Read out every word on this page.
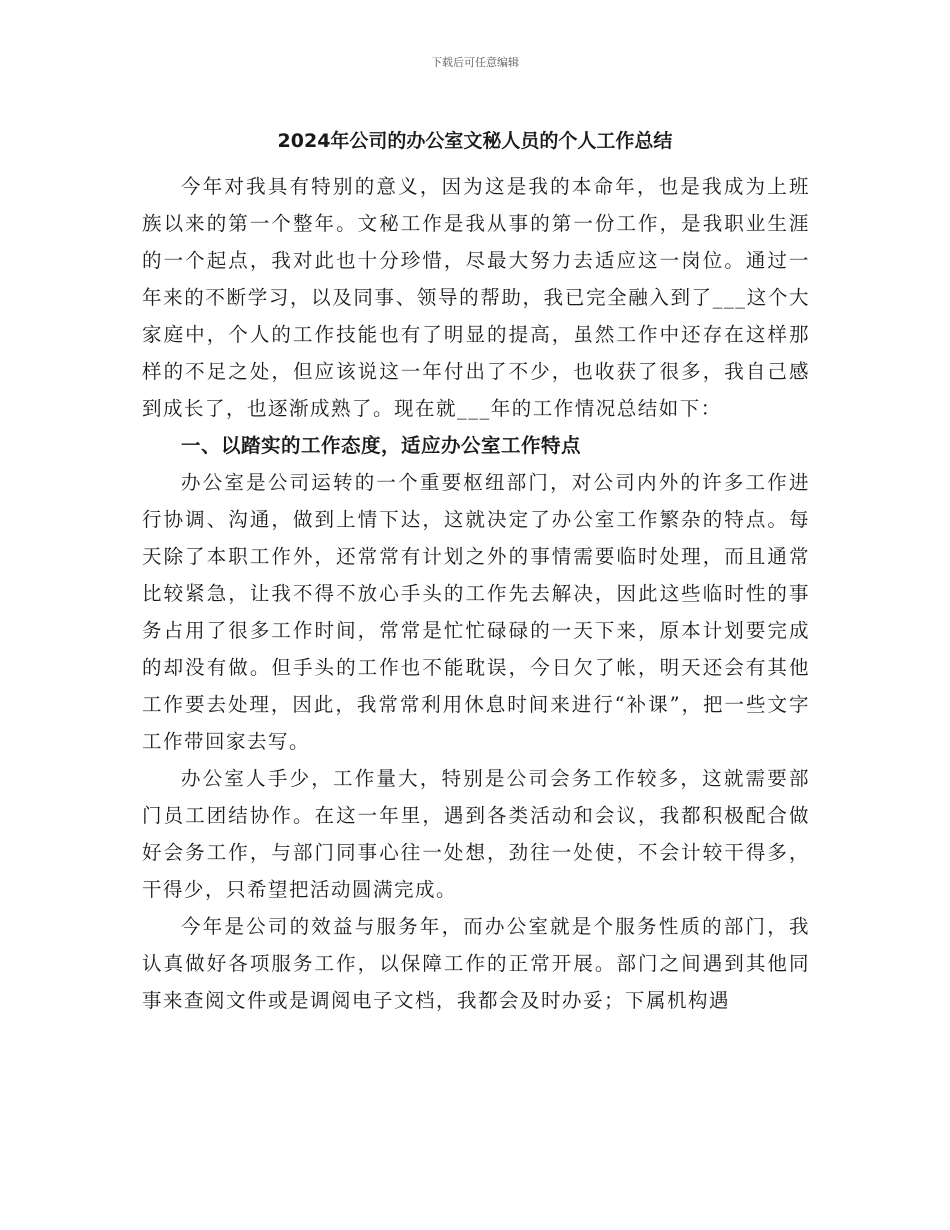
下载后可任意编辑
2024年公司的办公室文秘人员的个人工作总结

今年对我具有特别的意义，因为这是我的本命年，也是我成为上班族以来的第一个整年。文秘工作是我从事的第一份工作，是我职业生涯的一个起点，我对此也十分珍惜，尽最大努力去适应这一岗位。通过一年来的不断学习，以及同事、领导的帮助，我已完全融入到了___这个大家庭中，个人的工作技能也有了明显的提高，虽然工作中还存在这样那样的不足之处，但应该说这一年付出了不少，也收获了很多，我自己感到成长了，也逐渐成熟了。现在就___年的工作情况总结如下：

一、以踏实的工作态度，适应办公室工作特点

办公室是公司运转的一个重要枢纽部门，对公司内外的许多工作进行协调、沟通，做到上情下达，这就决定了办公室工作繁杂的特点。每天除了本职工作外，还常常有计划之外的事情需要临时处理，而且通常比较紧急，让我不得不放心手头的工作先去解决，因此这些临时性的事务占用了很多工作时间，常常是忙忙碌碌的一天下来，原本计划要完成的却没有做。但手头的工作也不能耽误，今日欠了帐，明天还会有其他工作要去处理，因此，我常常利用休息时间来进行“补课”，把一些文字工作带回家去写。

办公室人手少，工作量大，特别是公司会务工作较多，这就需要部门员工团结协作。在这一年里，遇到各类活动和会议，我都积极配合做好会务工作，与部门同事心往一处想，劲往一处使，不会计较干得多，干得少，只希望把活动圆满完成。

今年是公司的效益与服务年，而办公室就是个服务性质的部门，我认真做好各项服务工作，以保障工作的正常开展。部门之间遇到其他同事来查阅文件或是调阅电子文档，我都会及时办妥；下属机构遇
